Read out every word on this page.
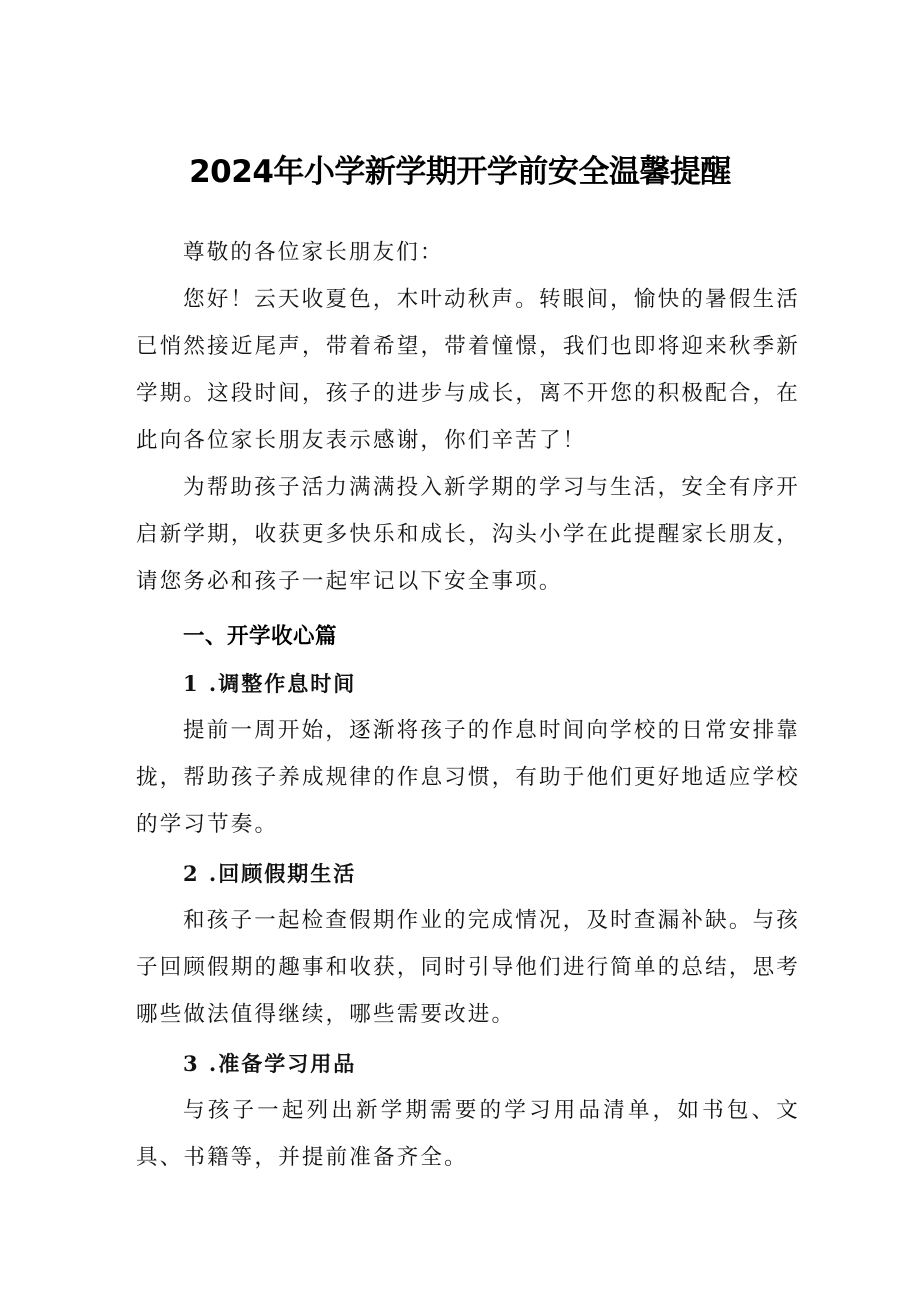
2024年小学新学期开学前安全温馨提醒

尊敬的各位家长朋友们：

您好！云天收夏色，木叶动秋声。转眼间，愉快的暑假生活已悄然接近尾声，带着希望，带着憧憬，我们也即将迎来秋季新学期。这段时间，孩子的进步与成长，离不开您的积极配合，在此向各位家长朋友表示感谢，你们辛苦了！

为帮助孩子活力满满投入新学期的学习与生活，安全有序开启新学期，收获更多快乐和成长，沟头小学在此提醒家长朋友，请您务必和孩子一起牢记以下安全事项。

一、开学收心篇
1 .调整作息时间

提前一周开始，逐渐将孩子的作息时间向学校的日常安排靠拢，帮助孩子养成规律的作息习惯，有助于他们更好地适应学校的学习节奏。

2 .回顾假期生活

和孩子一起检查假期作业的完成情况，及时查漏补缺。与孩子回顾假期的趣事和收获，同时引导他们进行简单的总结，思考哪些做法值得继续，哪些需要改进。

3 .准备学习用品

与孩子一起列出新学期需要的学习用品清单，如书包、文具、书籍等，并提前准备齐全。
